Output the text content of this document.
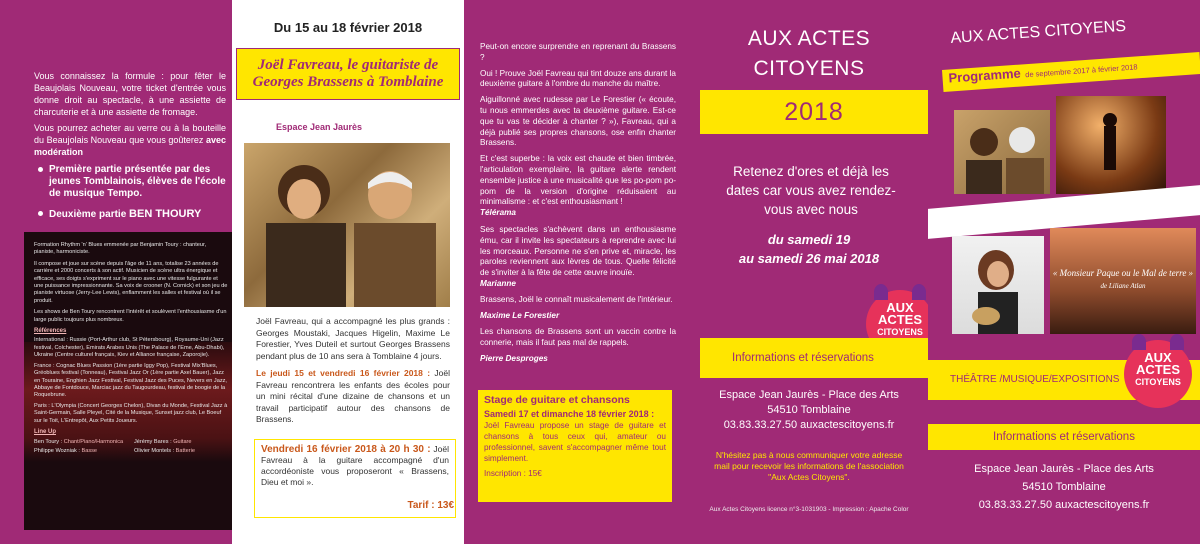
Vous connaissez la formule : pour fêter le Beaujolais Nouveau, votre ticket d'entrée vous donne droit au spectacle, à une assiette de charcuterie et à une assiette de fromage.

Vous pourrez acheter au verre ou à la bouteille du Beaujolais Nouveau que vous goûterez avec modération

Première partie présentée par des jeunes Tomblainois, élèves de l'école de musique Tempo.
Deuxième partie BEN THOURY
Formation Rhythm 'n' Blues emmenée par Benjamin Toury : chanteur, pianiste, harmoniciste.
Il compose et joue sur scène depuis l'âge de 11 ans, totalise 23 années de carrière et 2000 concerts à son actif. Musicien de scène ultra énergique et efficace, ses doigts s'expriment sur le piano avec une vitesse fulgurante et une puissance impressionnante. Sa voix de crooner (N. Cornick) et son jeu de pianiste virtuose (Jerry-Lee Lewis), enflamment les salles et festival où il se produit.
Les shows de Ben Toury rencontrent l'intérêt et soulèvent l'enthousiasme d'un large public toujours plus nombreux.
Références
International : Russie (Port-Arthur club, St Pétersbourg), Royaume-Uni (Jazz festival, Colchester), Emirats Arabes Unis (The Palace de l'Eme, Abu-Dhabi), Ukraine (Centre culturel français, Kiev et Alliance française, Zaporojie).
France : Cognac Blues Passion (1ère partie Iggy Pop), Festival Mix'Blues, Gréoblues festival (Tonneau), Festival Jazz Or (1ère partie Axel Bauer), Jazz en Touraine, Enghien Jazz Festival, Festival Jazz des Puces, Nevers en Jazz, Abbaye de Fontdouce, Marciac jazz du Taugourdeau, festival de boogie de la Roquebrune.
Paris : L'Olympia (Concert Georges Chelon), Divan du Monde, Festival Jazz à Saint-Germain, Salle Pleyel, Cité de la Musique, Sunset jazz club, Le Boeuf sur le Toit, L'Entrepôt, Aux Petits Joueurs.
Line Up
Ben Toury : Chant/Piano/Harmonica	Jérémy Bares : Guitare
Philippe Wozniak : Basse	Olivier Montels : Batterie
Du 15 au 18 février 2018
Joël Favreau, le guitariste de Georges Brassens à Tomblaine
Espace Jean Jaurès

Joël Favreau, qui a accompagné les plus grands : Georges Moustaki, Jacques Higelin, Maxime Le Forestier, Yves Duteil et surtout Georges Brassens pendant plus de 10 ans sera à Tomblaine 4 jours.

Le jeudi 15 et vendredi 16 février 2018 : Joël Favreau rencontrera les enfants des écoles pour un mini récital d'une dizaine de chansons et un travail participatif autour des chansons de Brassens.

Vendredi 16 février 2018 à 20 h 30 : Joël Favreau à la guitare accompagné d'un accordéoniste vous proposeront « Brassens, Dieu et moi ».
Tarif : 13€

Peut-on encore surprendre en reprenant du Brassens ?

Oui ! Prouve Joël Favreau qui tint douze ans durant la deuxième guitare à l'ombre du manche du maître.

Aiguillonné avec rudesse par Le Forestier (« écoute, tu nous emmerdes avec ta deuxième guitare. Est-ce que tu vas te décider à chanter ? »), Favreau, qui a déjà publié ses propres chansons, ose enfin chanter Brassens.

Et c'est superbe : la voix est chaude et bien timbrée, l'articulation exemplaire, la guitare alerte rendent ensemble justice à une musicalité que les po-pom po-pom de la version d'origine réduisaient au minimalisme : et c'est enthousiasmant !

Télérama

Ses spectacles s'achèvent dans un enthousiasme ému, car il invite les spectateurs à reprendre avec lui les morceaux. Personne ne s'en prive et, miracle, les paroles reviennent aux lèvres de tous. Quelle félicité de s'inviter à la fête de cette œuvre inouïe.

Marianne

Brassens, Joël le connaît musicalement de l'intérieur.

Maxime Le Forestier

Les chansons de Brassens sont un vaccin contre la connerie, mais il faut pas mal de rappels.

Pierre Desproges

Stage de guitare et chansons
Samedi 17 et dimanche 18 février 2018 :
Joël Favreau propose un stage de guitare et chansons à tous ceux qui, amateur ou professionnel, savent s'accompagner même tout simplement.
Inscription : 15€
AUX ACTES
CITOYENS
2018
Retenez d'ores et déjà les dates car vous avez rendez-vous avec nous
du samedi 19
au samedi 26 mai 2018
AUX
ACTES
CITOYENS
Informations et réservations
Espace Jean Jaurès - Place des Arts
54510 Tomblaine
03.83.33.27.50 auxactescitoyens.fr
N'hésitez pas à nous communiquer votre adresse mail pour recevoir les informations de l'association "Aux Actes Citoyens".
Aux Actes Citoyens licence n°3-1031903 - Impression : Apache Color
AUX ACTES CITOYENS
Programme de septembre 2017 à février 2018
« Monsieur Paque ou le Mal de terre »
de Liliane Atlan
THÉÂTRE /MUSIQUE/EXPOSITIONS
AUX
ACTES
CITOYENS
Informations et réservations
Espace Jean Jaurès - Place des Arts
54510 Tomblaine
03.83.33.27.50 auxactescitoyens.fr
